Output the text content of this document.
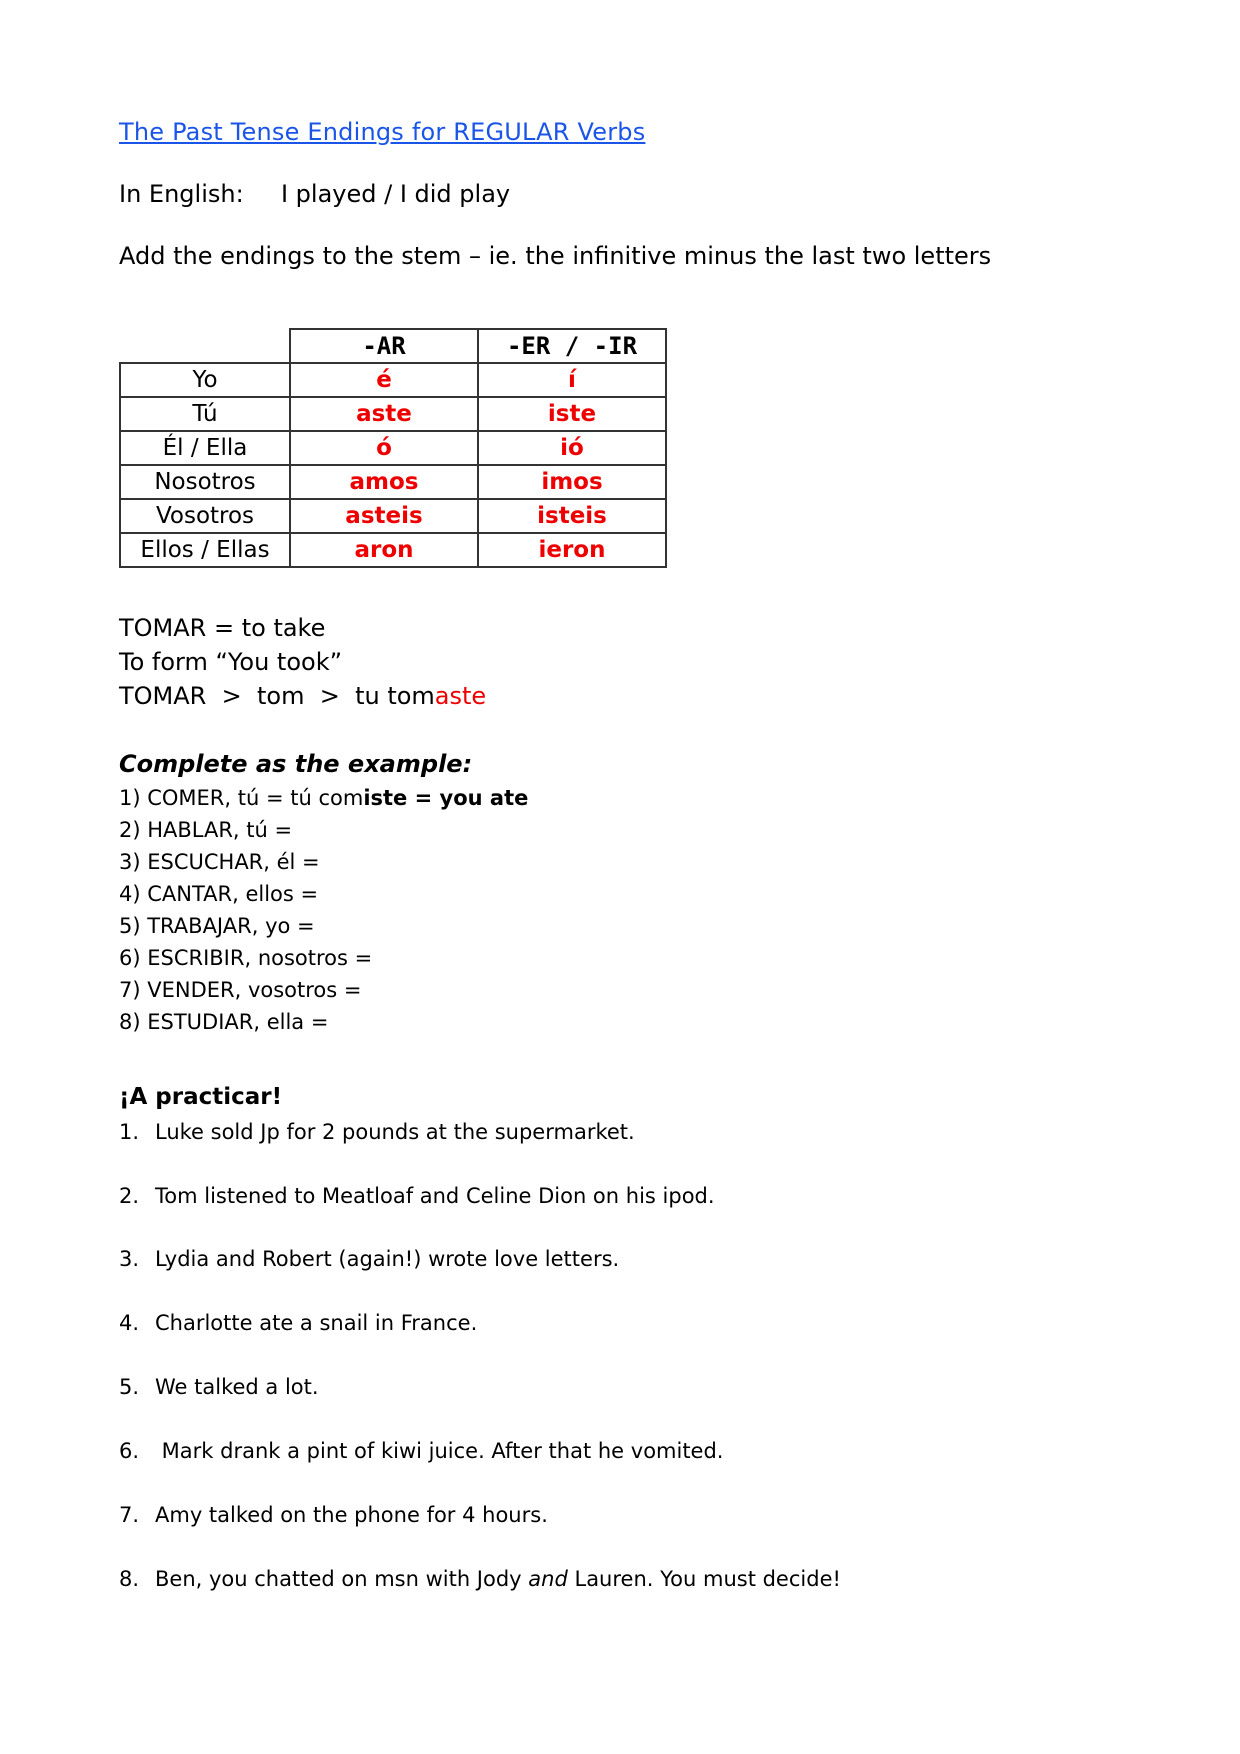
The Past Tense Endings for REGULAR Verbs
In English: I played / I did play
Add the endings to the stem – ie. the infinitive minus the last two letters
	-AR	-ER / -IR
Yo	é	í
Tú	aste	iste
Él / Ella	ó	ió
Nosotros	amos	imos
Vosotros	asteis	isteis
Ellos / Ellas	aron	ieron
TOMAR = to take
To form “You took”
TOMAR  >  tom  >  tu tomaste
Complete as the example:
1) COMER, tú = tú comiste = you ate
2) HABLAR, tú =
3) ESCUCHAR, él =
4) CANTAR, ellos =
5) TRABAJAR, yo =
6) ESCRIBIR, nosotros =
7) VENDER, vosotros =
8) ESTUDIAR, ella =
¡A practicar!
1. Luke sold Jp for 2 pounds at the supermarket.
2. Tom listened to Meatloaf and Celine Dion on his ipod.
3. Lydia and Robert (again!) wrote love letters.
4. Charlotte ate a snail in France.
5. We talked a lot.
6. Mark drank a pint of kiwi juice. After that he vomited.
7. Amy talked on the phone for 4 hours.
8. Ben, you chatted on msn with Jody and Lauren. You must decide!
